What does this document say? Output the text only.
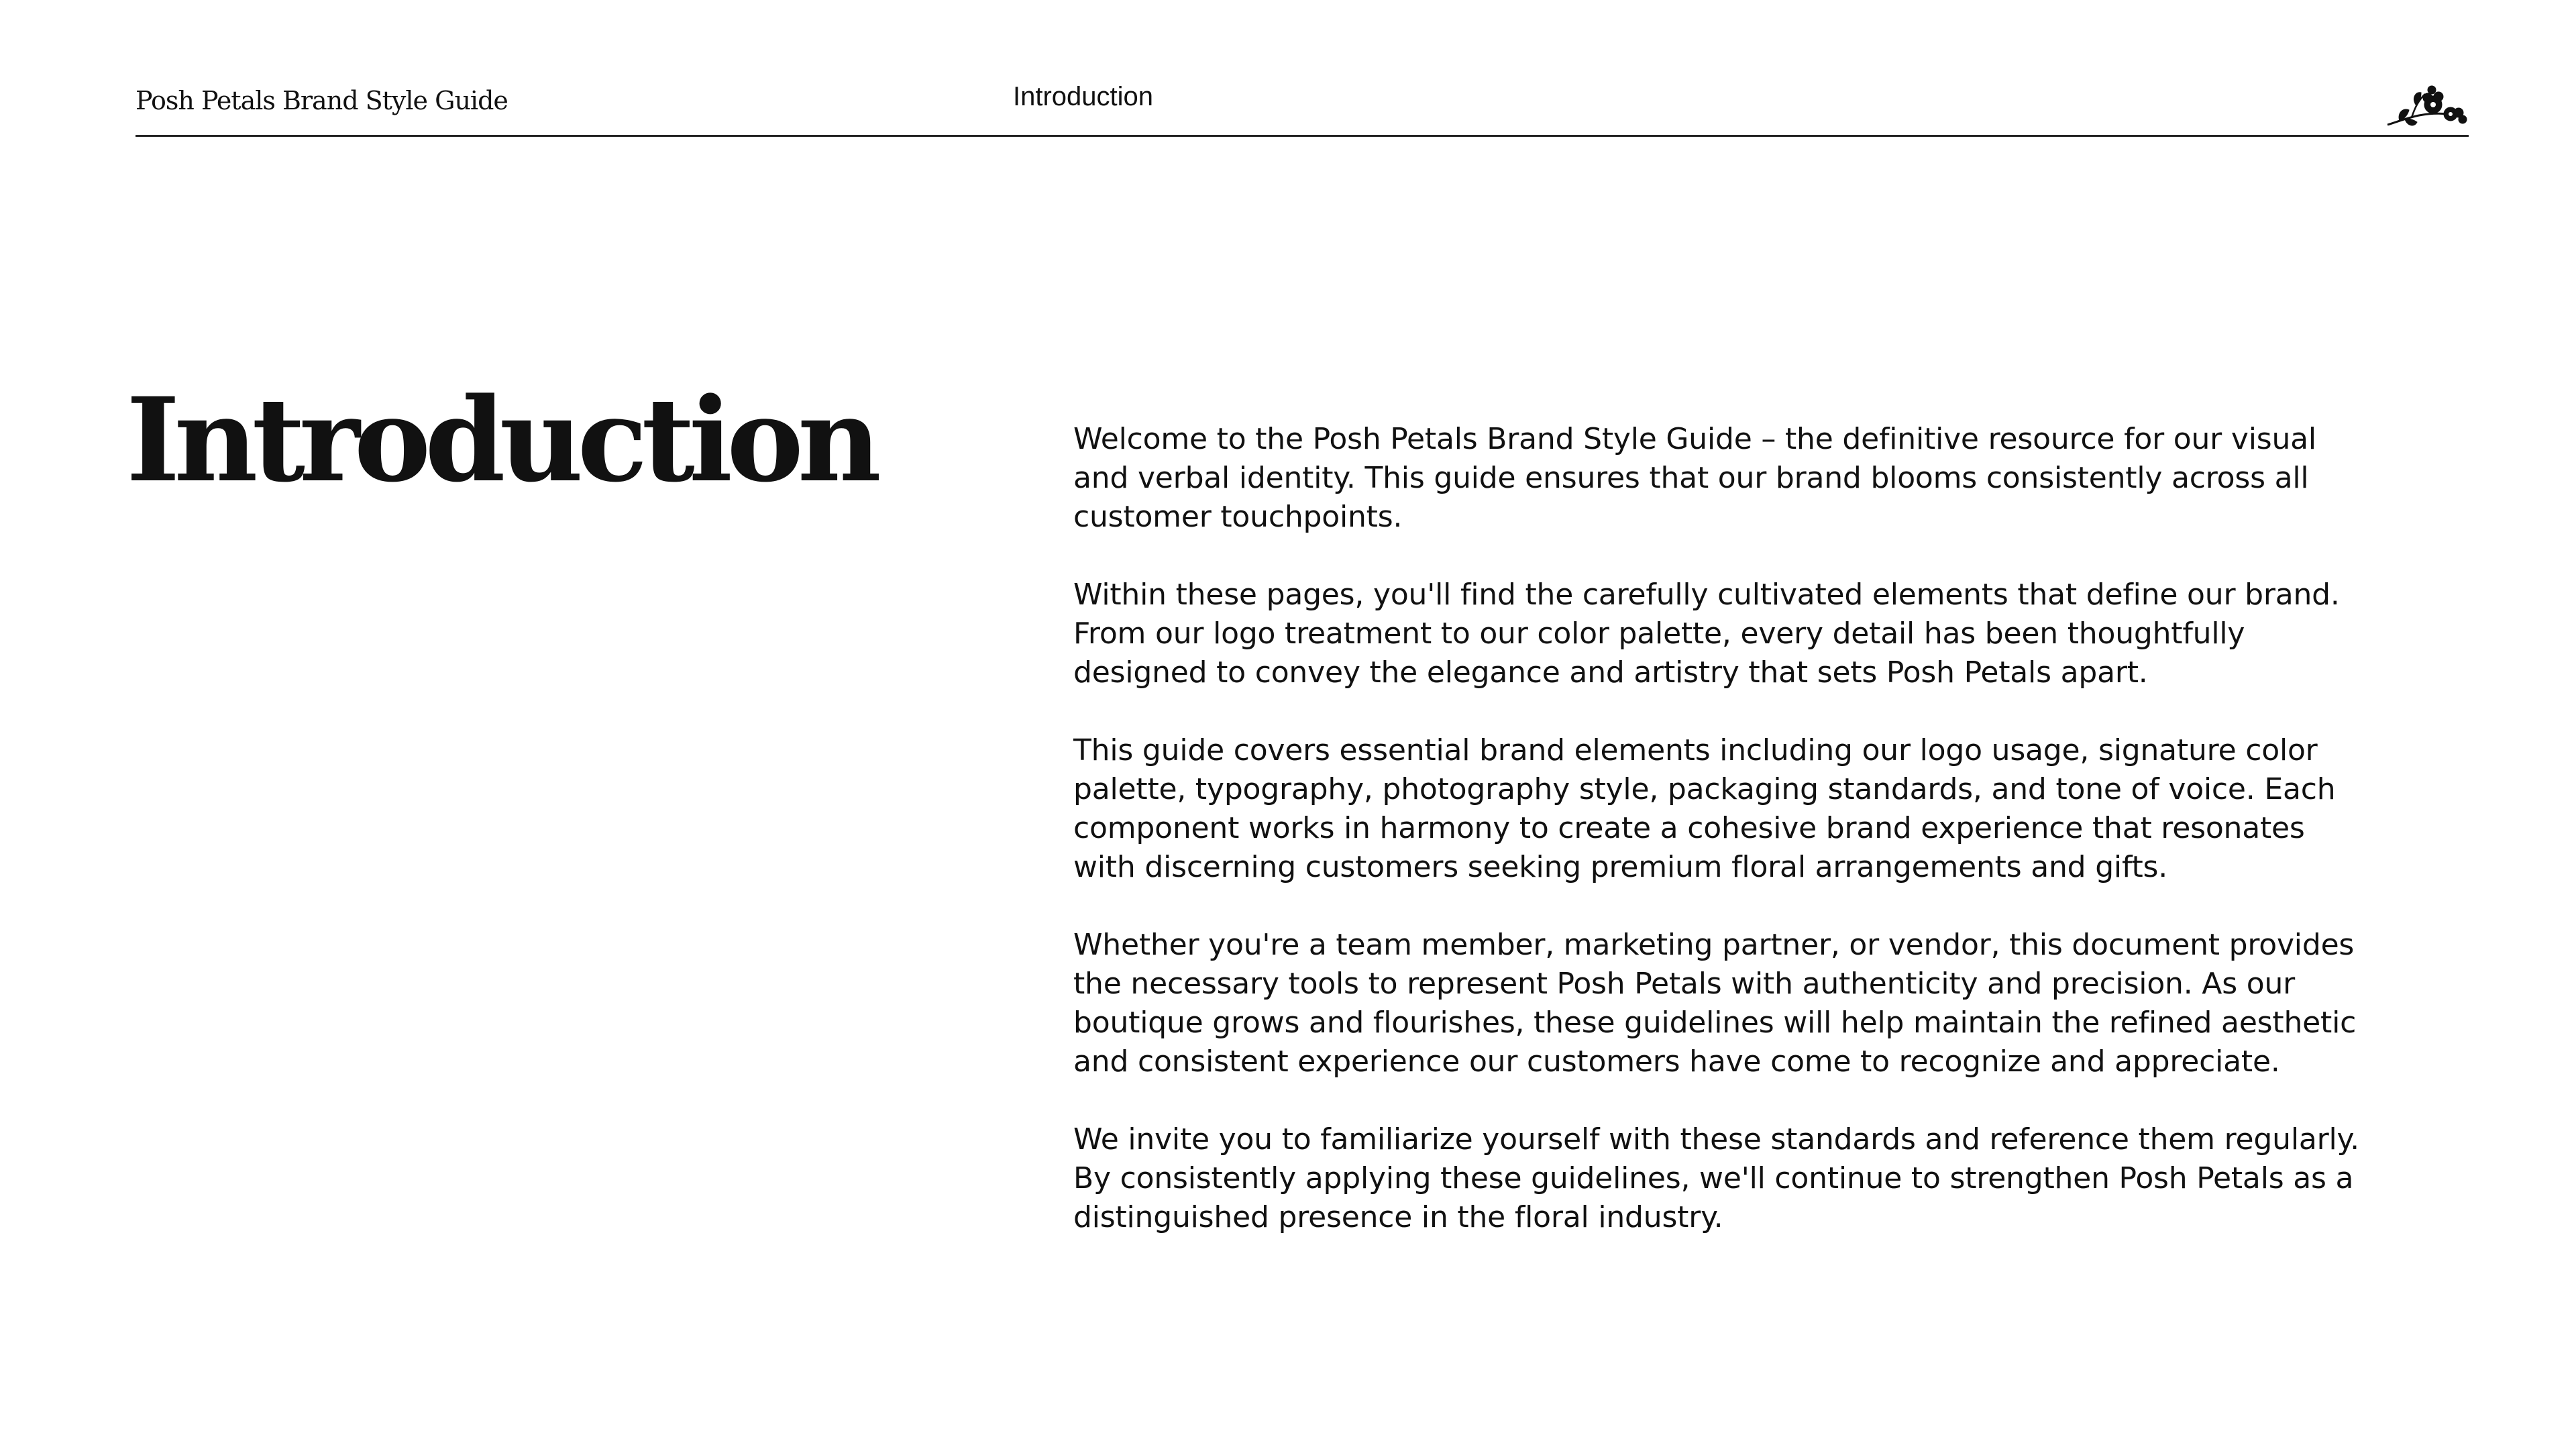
Posh Petals Brand Style Guide	Introduction
Introduction	Welcome to the Posh Petals Brand Style Guide – the definitive resource for our visual and verbal identity. This guide ensures that our brand blooms consistently across all customer touchpoints.

Within these pages, you'll find the carefully cultivated elements that define our brand. From our logo treatment to our color palette, every detail has been thoughtfully designed to convey the elegance and artistry that sets Posh Petals apart.

This guide covers essential brand elements including our logo usage, signature color palette, typography, photography style, packaging standards, and tone of voice. Each component works in harmony to create a cohesive brand experience that resonates with discerning customers seeking premium floral arrangements and gifts.

Whether you're a team member, marketing partner, or vendor, this document provides the necessary tools to represent Posh Petals with authenticity and precision. As our boutique grows and flourishes, these guidelines will help maintain the refined aesthetic and consistent experience our customers have come to recognize and appreciate.

We invite you to familiarize yourself with these standards and reference them regularly. By consistently applying these guidelines, we'll continue to strengthen Posh Petals as a distinguished presence in the floral industry.
